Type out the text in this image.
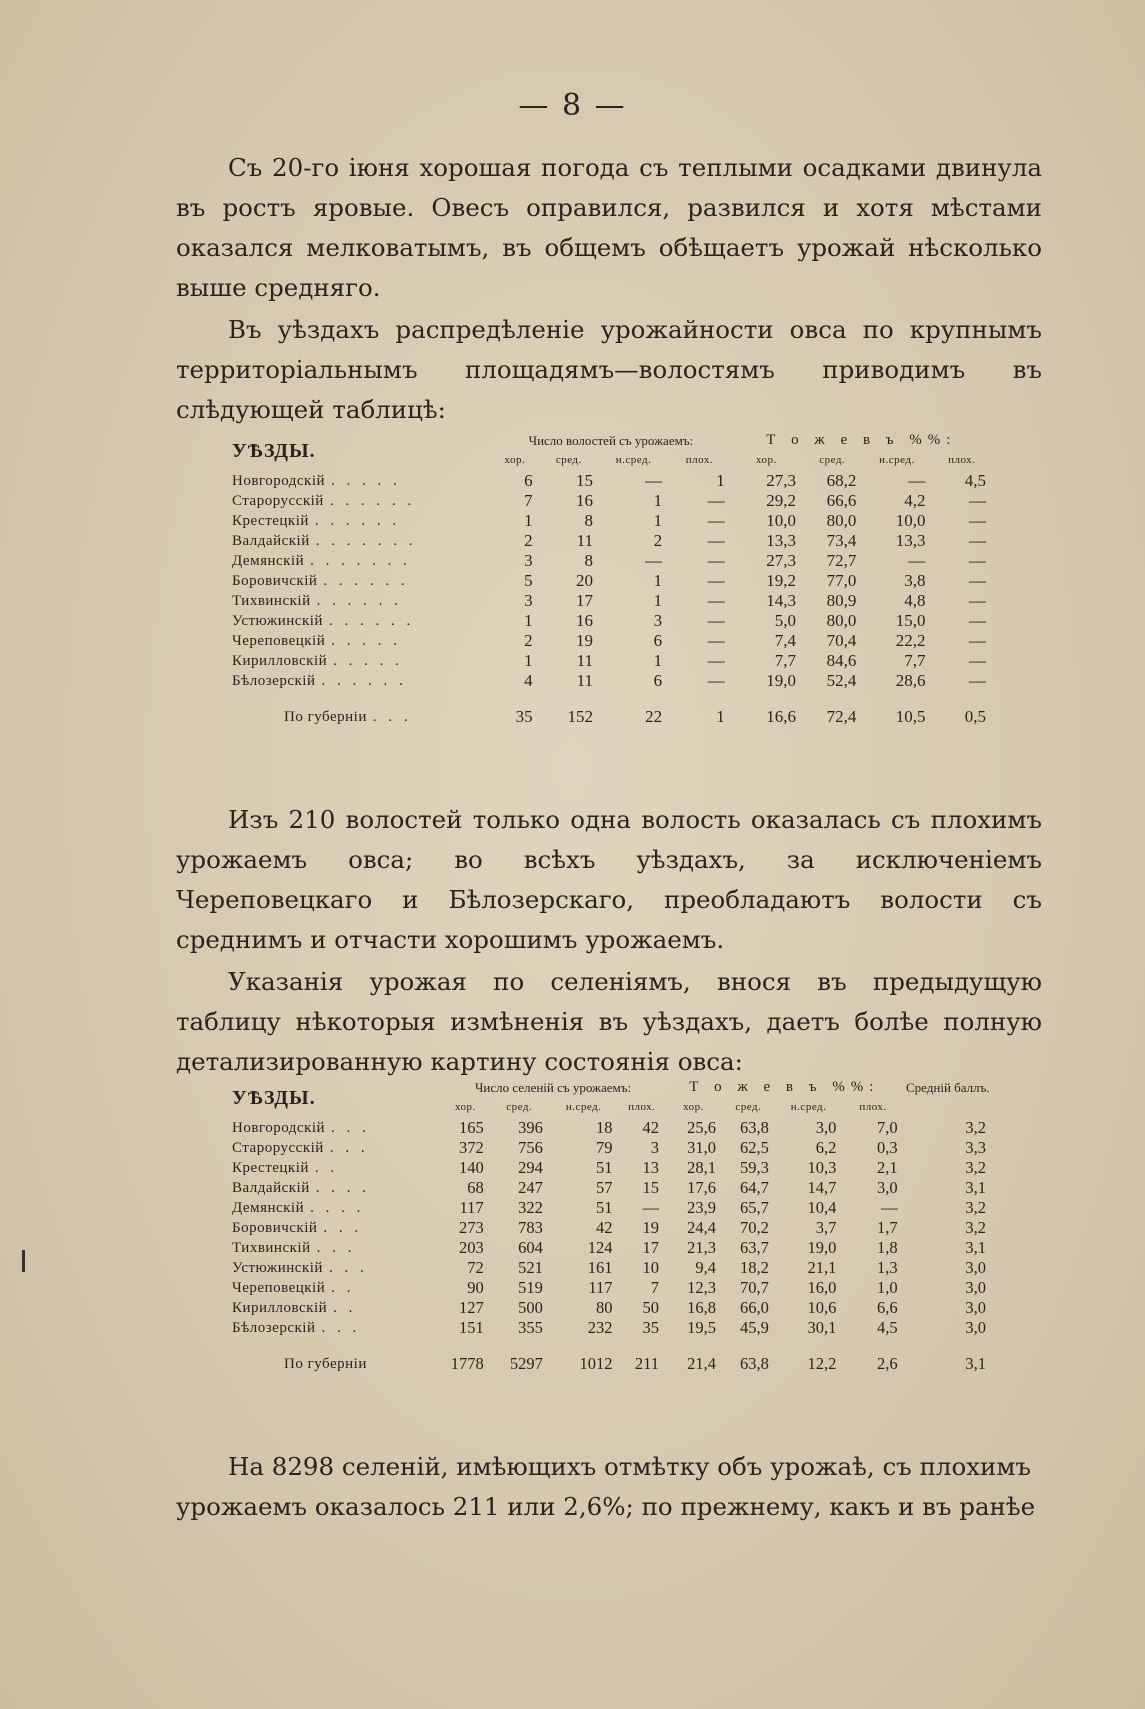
— 8 —
Съ 20-го іюня хорошая погода съ теплыми осадками двинула въ ростъ яровые. Овесъ оправился, развился и хотя мѣстами оказался мелковатымъ, въ общемъ обѣщаетъ урожай нѣсколько выше средняго.
Въ уѣздахъ распредѣленіе урожайности овса по крупнымъ территоріальнымъ площадямъ—волостямъ приводимъ въ слѣдующей таблицѣ:
УѢЗДЫ.	Число волостей съ урожаемъ:				Т о ж е в ъ %%:			
	хор.	сред.	н.сред.	плох.	хор.	сред.	н.сред.	плох.
Новгородскій . . . . .	6	15	—	1	27,3	68,2	—	4,5
Старорусскій . . . . . .	7	16	1	—	29,2	66,6	4,2	—
Крестецкій . . . . . .	1	8	1	—	10,0	80,0	10,0	—
Валдайскій . . . . . . .	2	11	2	—	13,3	73,4	13,3	—
Демянскій . . . . . . .	3	8	—	—	27,3	72,7	—	—
Боровичскій . . . . . .	5	20	1	—	19,2	77,0	3,8	—
Тихвинскій . . . . . .	3	17	1	—	14,3	80,9	4,8	—
Устюжинскій . . . . . .	1	16	3	—	5,0	80,0	15,0	—
Череповецкій . . . . .	2	19	6	—	7,4	70,4	22,2	—
Кирилловскій . . . . .	1	11	1	—	7,7	84,6	7,7	—
Бѣлозерскій . . . . . .	4	11	6	—	19,0	52,4	28,6	—
По губерніи . . .	35	152	22	1	16,6	72,4	10,5	0,5
Изъ 210 волостей только одна волость оказалась съ плохимъ урожаемъ овса; во всѣхъ уѣздахъ, за исключеніемъ Череповецкаго и Бѣлозерскаго, преобладаютъ волости съ среднимъ и отчасти хорошимъ урожаемъ.
Указанія урожая по селеніямъ, внося въ предыдущую таблицу нѣкоторыя измѣненія въ уѣздахъ, даетъ болѣе полную детализированную картину состоянія овса:
УѢЗДЫ.	Число селеній съ урожаемъ:				Т о ж е в ъ %%:				Средній баллъ.
	хор.	сред.	н.сред.	плох.	хор.	сред.	н.сред.	плох.	
Новгородскій . . .	165	396	18	42	25,6	63,8	3,0	7,0	3,2
Старорусскій . . .	372	756	79	3	31,0	62,5	6,2	0,3	3,3
Крестецкій . .	140	294	51	13	28,1	59,3	10,3	2,1	3,2
Валдайскій . . . .	68	247	57	15	17,6	64,7	14,7	3,0	3,1
Демянскій . . . .	117	322	51	—	23,9	65,7	10,4	—	3,2
Боровичскій . . .	273	783	42	19	24,4	70,2	3,7	1,7	3,2
Тихвинскій . . .	203	604	124	17	21,3	63,7	19,0	1,8	3,1
Устюжинскій . . .	72	521	161	10	9,4	18,2	21,1	1,3	3,0
Череповецкій . .	90	519	117	7	12,3	70,7	16,0	1,0	3,0
Кирилловскій . .	127	500	80	50	16,8	66,0	10,6	6,6	3,0
Бѣлозерскій . . .	151	355	232	35	19,5	45,9	30,1	4,5	3,0
По губерніи	1778	5297	1012	211	21,4	63,8	12,2	2,6	3,1
На 8298 селеній, имѣющихъ отмѣтку объ урожаѣ, съ плохимъ урожаемъ оказалось 211 или 2,6%; по прежнему, какъ и въ ранѣе
